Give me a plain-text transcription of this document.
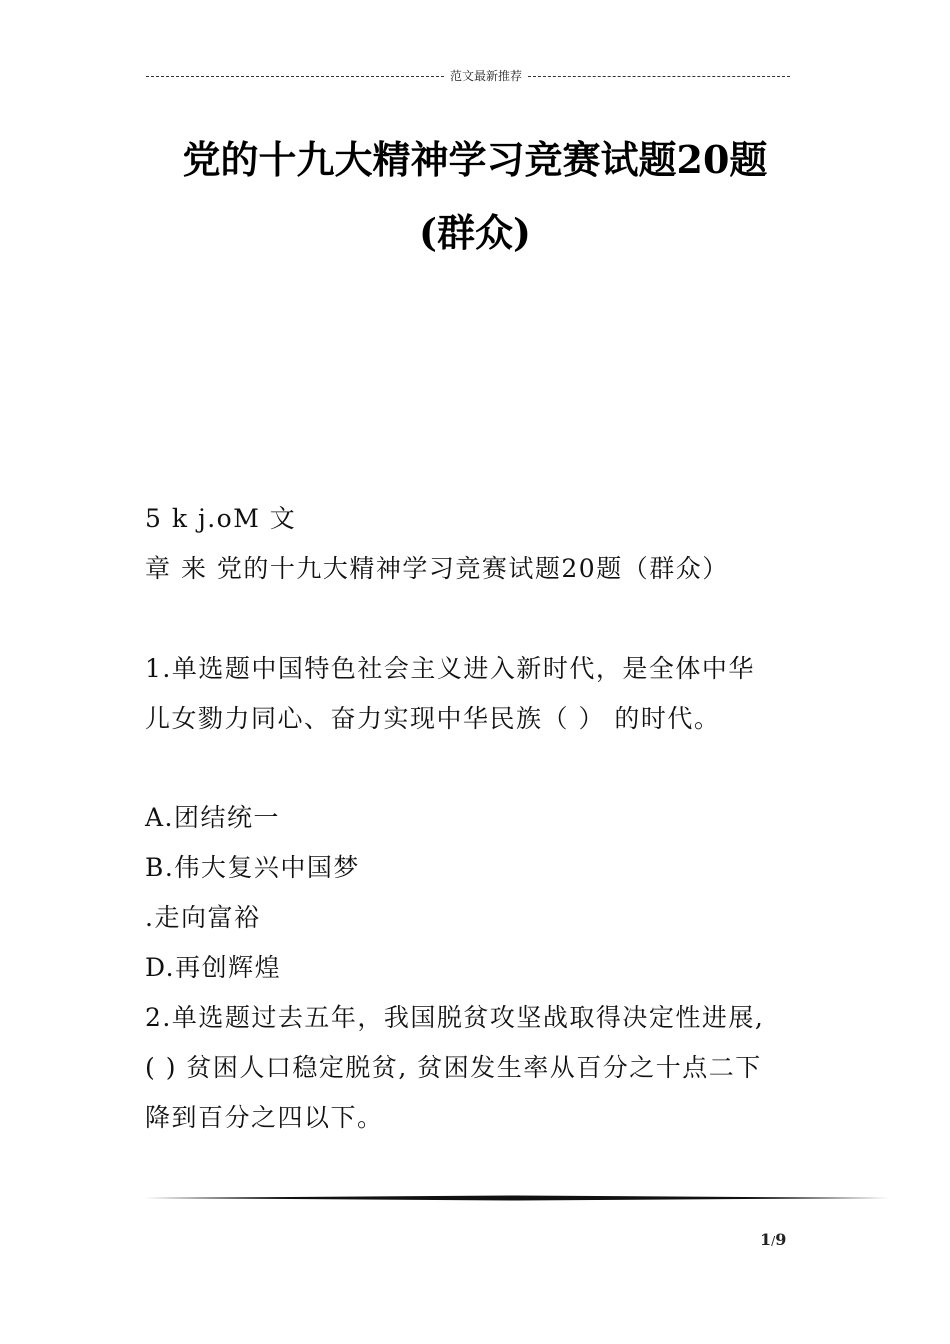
范文最新推荐
党的十九大精神学习竞赛试题20题
(群众)
5 k j.oM 文
章 来 党的十九大精神学习竞赛试题20题（群众）
1.单选题中国特色社会主义进入新时代，是全体中华
儿女勠力同心、奋力实现中华民族（ ） 的时代。
A.团结统一
B.伟大复兴中国梦
.走向富裕
D.再创辉煌
2.单选题过去五年，我国脱贫攻坚战取得决定性进展,
( ) 贫困人口稳定脱贫, 贫困发生率从百分之十点二下
降到百分之四以下。
1/9
